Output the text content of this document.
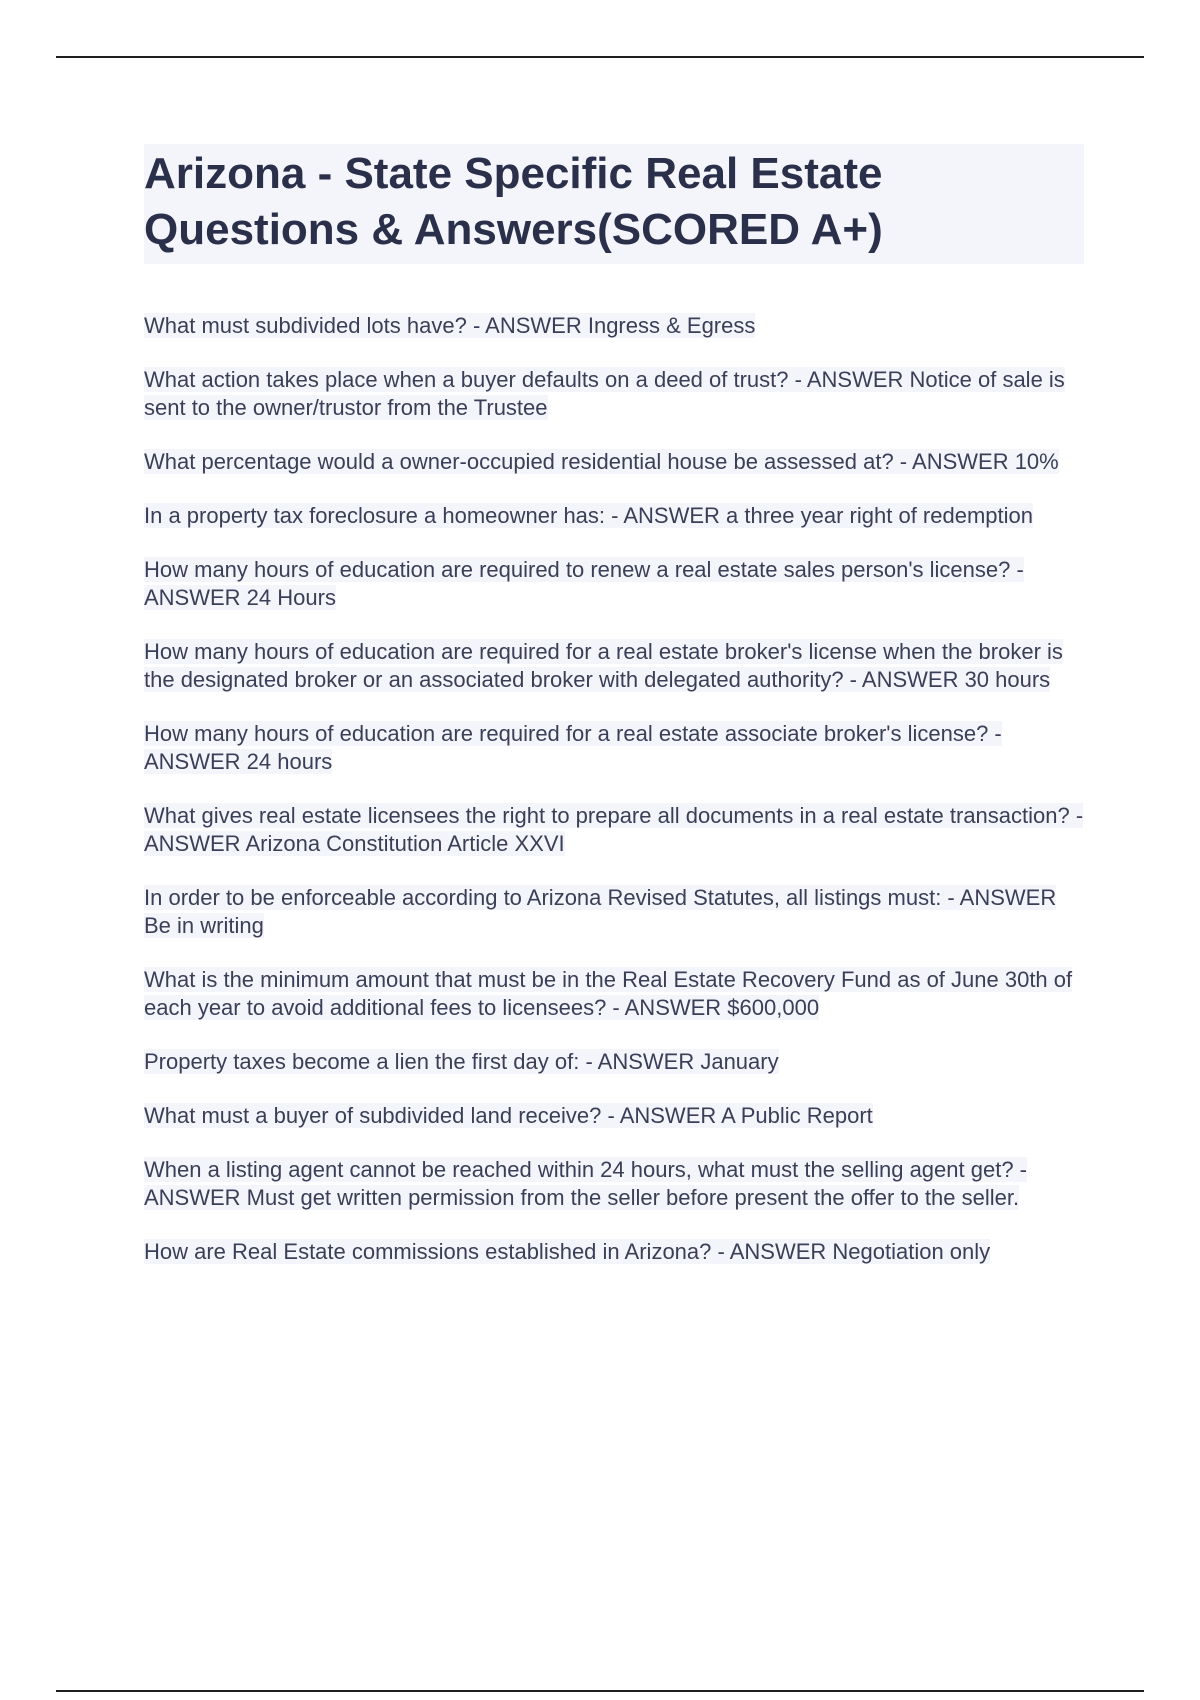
Arizona - State Specific Real Estate Questions & Answers(SCORED A+)

What must subdivided lots have? - ANSWER Ingress & Egress

What action takes place when a buyer defaults on a deed of trust? - ANSWER Notice of sale is sent to the owner/trustor from the Trustee

What percentage would a owner-occupied residential house be assessed at? - ANSWER 10%

In a property tax foreclosure a homeowner has: - ANSWER a three year right of redemption

How many hours of education are required to renew a real estate sales person's license? - ANSWER 24 Hours

How many hours of education are required for a real estate broker's license when the broker is the designated broker or an associated broker with delegated authority? - ANSWER 30 hours

How many hours of education are required for a real estate associate broker's license? - ANSWER 24 hours

What gives real estate licensees the right to prepare all documents in a real estate transaction? - ANSWER Arizona Constitution Article XXVI

In order to be enforceable according to Arizona Revised Statutes, all listings must: - ANSWER Be in writing

What is the minimum amount that must be in the Real Estate Recovery Fund as of June 30th of each year to avoid additional fees to licensees? - ANSWER $600,000

Property taxes become a lien the first day of: - ANSWER January

What must a buyer of subdivided land receive? - ANSWER A Public Report

When a listing agent cannot be reached within 24 hours, what must the selling agent get? - ANSWER Must get written permission from the seller before present the offer to the seller.

How are Real Estate commissions established in Arizona? - ANSWER Negotiation only
